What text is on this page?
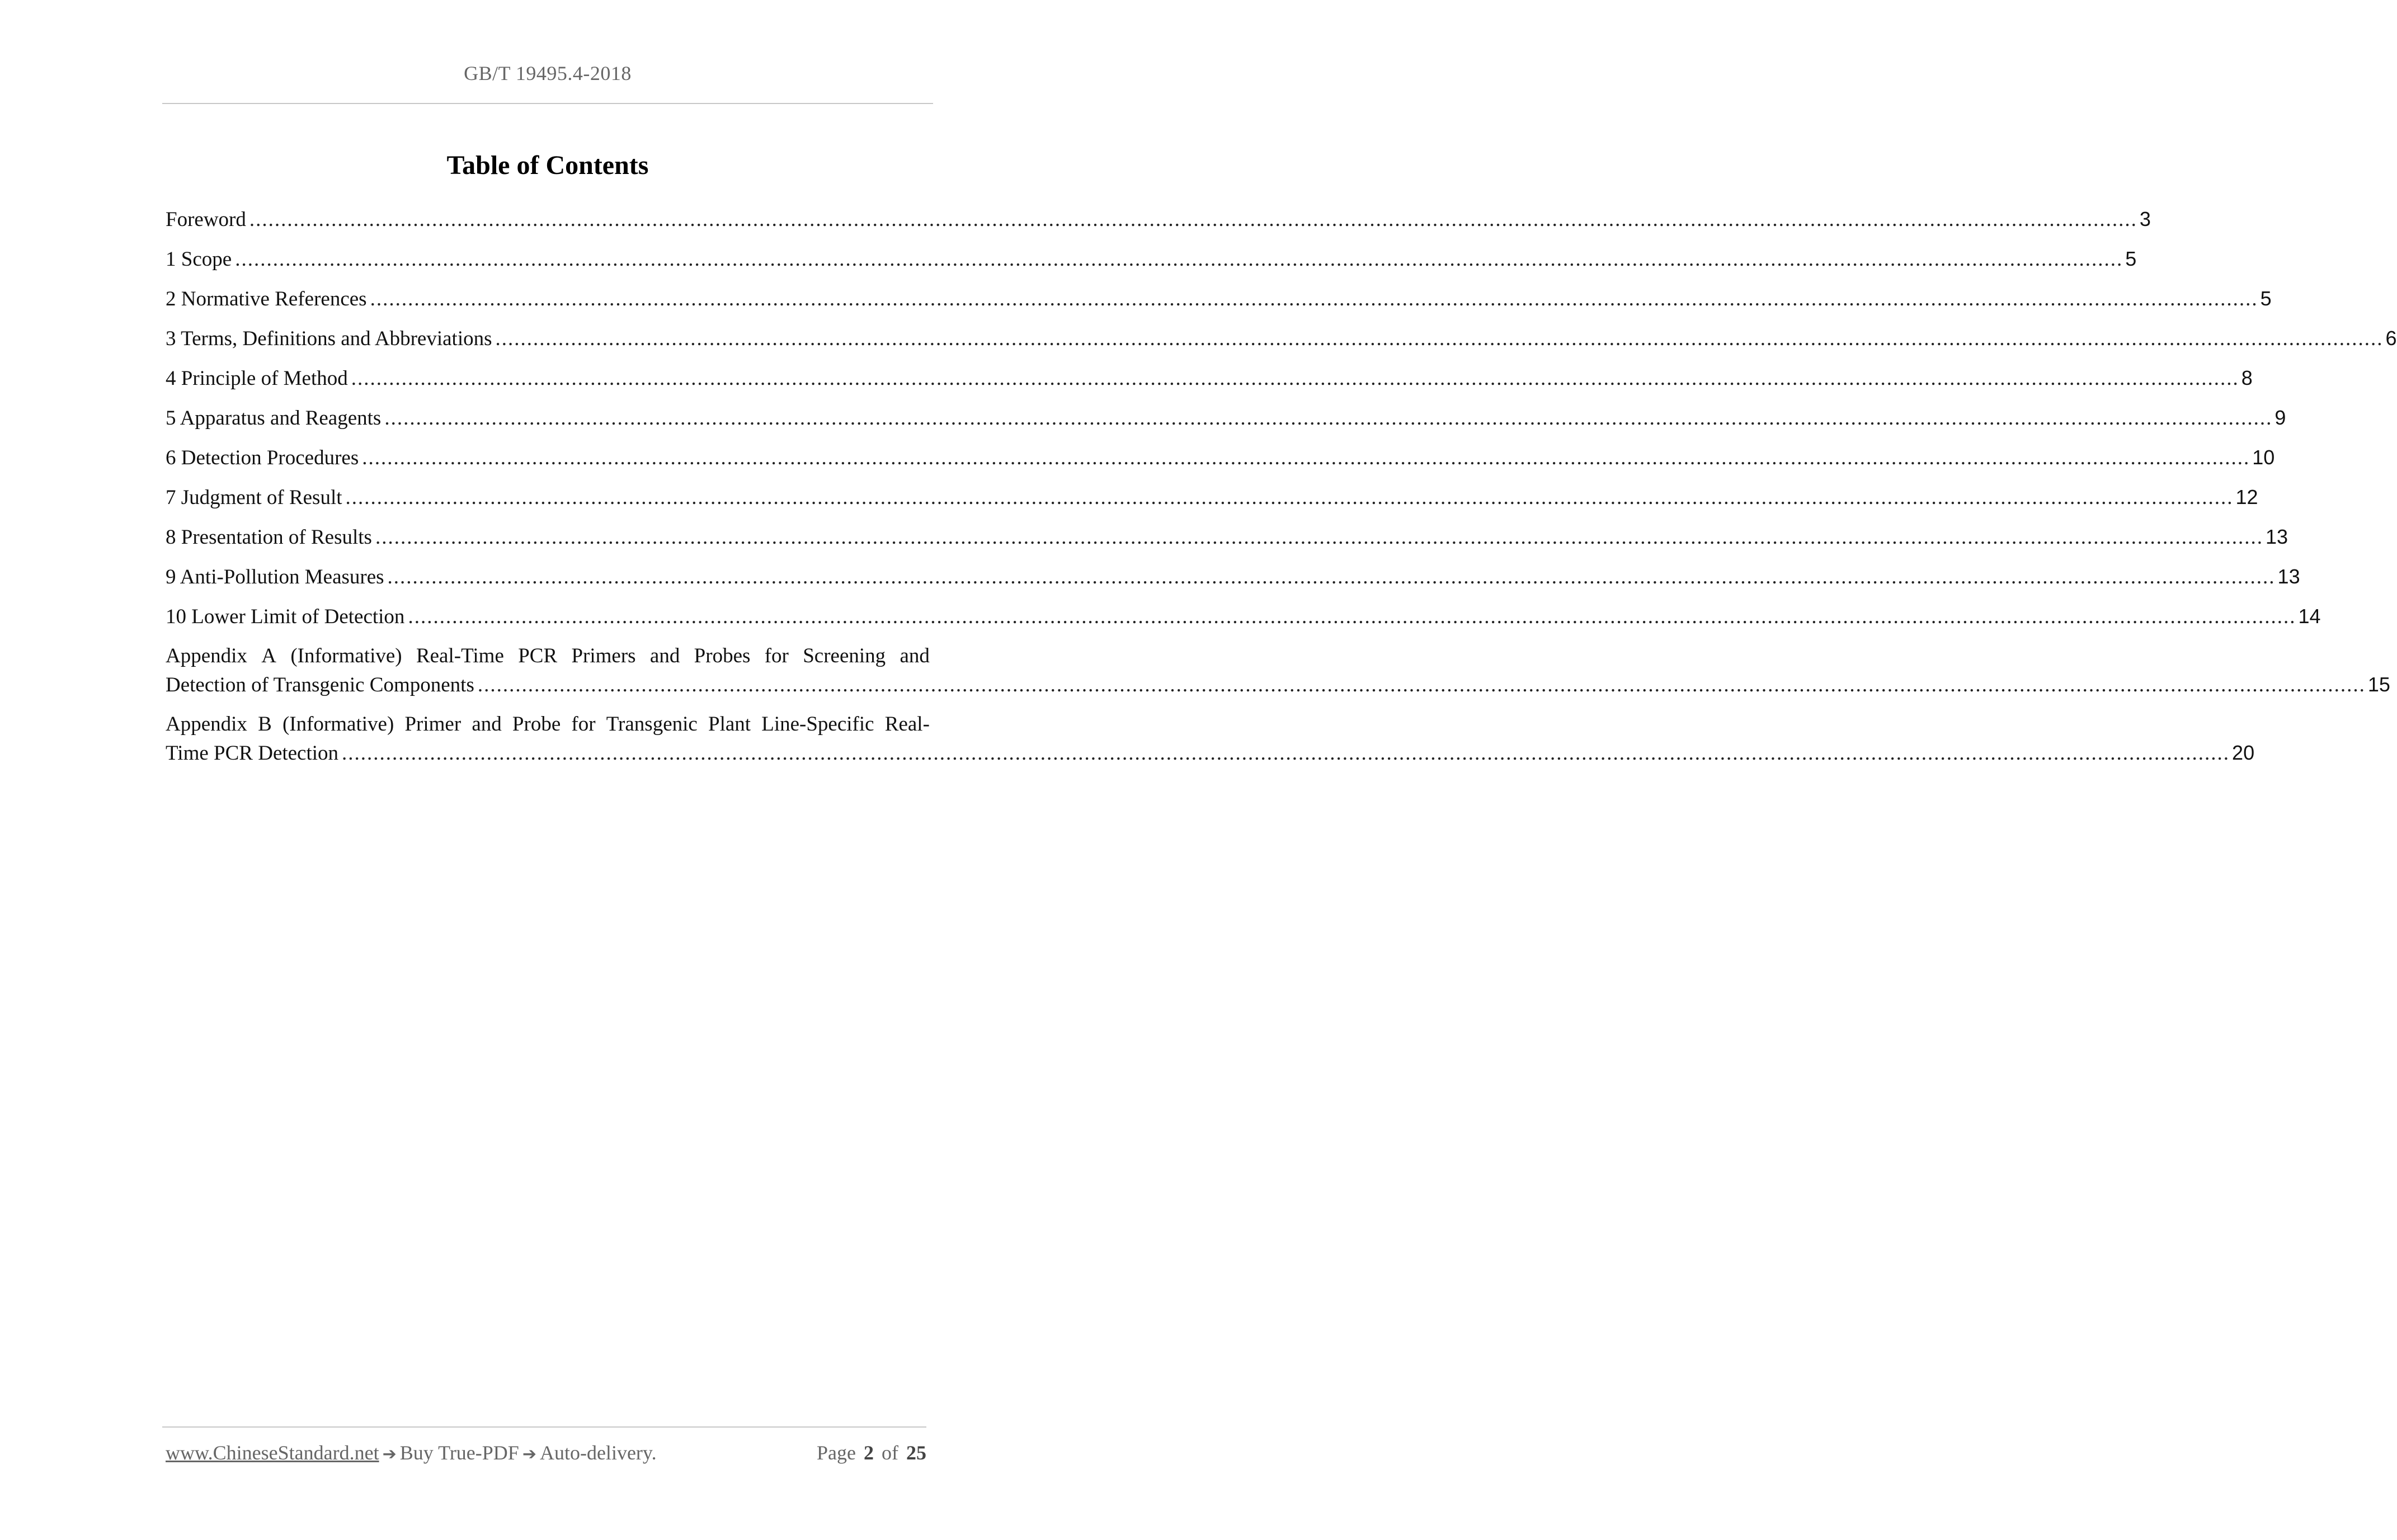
GB/T 19495.4-2018
Table of Contents
Foreword ............................................................................................................................................................................................................................................................................................................ 3
1 Scope ............................................................................................................................................................................................................................................................................................................ 5
2 Normative References ............................................................................................................................................................................................................................................................................................................ 5
3 Terms, Definitions and Abbreviations ............................................................................................................................................................................................................................................................................................................ 6
4 Principle of Method ............................................................................................................................................................................................................................................................................................................ 8
5 Apparatus and Reagents ............................................................................................................................................................................................................................................................................................................ 9
6 Detection Procedures ............................................................................................................................................................................................................................................................................................................ 10
7 Judgment of Result ............................................................................................................................................................................................................................................................................................................ 12
8 Presentation of Results ............................................................................................................................................................................................................................................................................................................ 13
9 Anti-Pollution Measures ............................................................................................................................................................................................................................................................................................................ 13
10 Lower Limit of Detection ............................................................................................................................................................................................................................................................................................................ 14
Appendix A (Informative) Real-Time PCR Primers and Probes for Screening and
Detection of Transgenic Components ............................................................................................................................................................................................................................................................................................................ 15
Appendix B (Informative) Primer and Probe for Transgenic Plant Line-Specific Real-
Time PCR Detection ............................................................................................................................................................................................................................................................................................................ 20
www.ChineseStandard.net ➔ Buy True-PDF ➔ Auto-delivery.	Page 2 of 25
